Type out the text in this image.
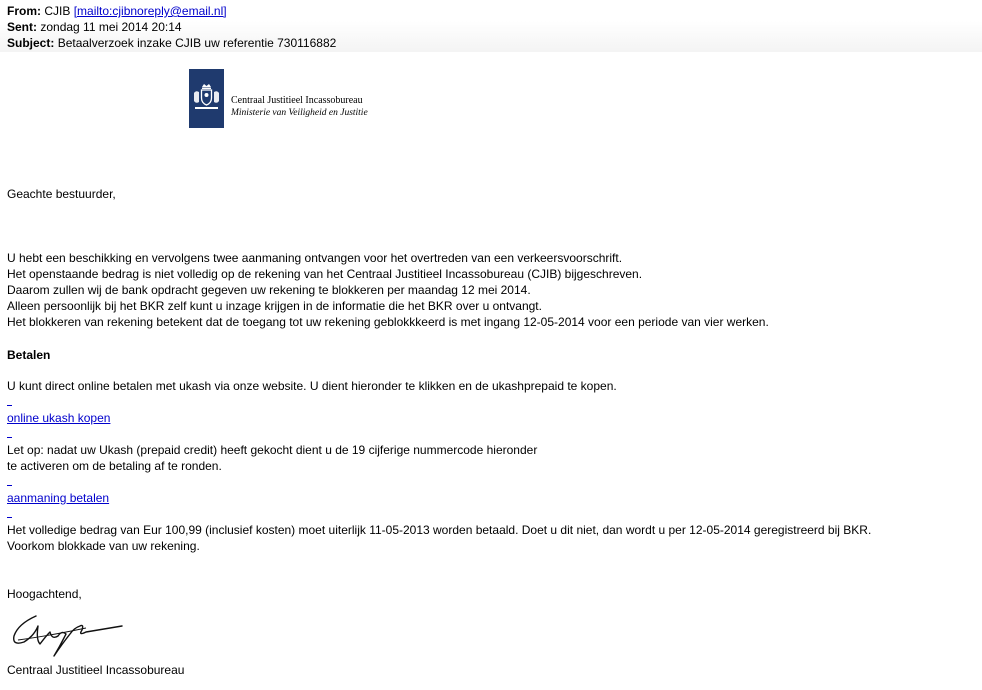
From: CJIB [mailto:cjibnoreply@email.nl]
Sent: zondag 11 mei 2014 20:14
Subject: Betaalverzoek inzake CJIB uw referentie 730116882
Centraal Justitieel Incassobureau
Ministerie van Veiligheid en Justitie
Geachte bestuurder,
U hebt een beschikking en vervolgens twee aanmaning ontvangen voor het overtreden van een verkeersvoorschrift.
Het openstaande bedrag is niet volledig op de rekening van het Centraal Justitieel Incassobureau (CJIB) bijgeschreven.
Daarom zullen wij de bank opdracht gegeven uw rekening te blokkeren per maandag 12 mei 2014.
Alleen persoonlijk bij het BKR zelf kunt u inzage krijgen in de informatie die het BKR over u ontvangt.
Het blokkeren van rekening betekent dat de toegang tot uw rekening geblokkkeerd is met ingang 12-05-2014 voor een periode van vier werken.
Betalen
U kunt direct online betalen met ukash via onze website. U dient hieronder te klikken en de ukashprepaid te kopen.
online ukash kopen
Let op: nadat uw Ukash (prepaid credit) heeft gekocht dient u de 19 cijferige nummercode hieronder
te activeren om de betaling af te ronden.
aanmaning betalen
Het volledige bedrag van Eur 100,99 (inclusief kosten) moet uiterlijk 11-05-2013 worden betaald. Doet u dit niet, dan wordt u per 12-05-2014 geregistreerd bij BKR.
Voorkom blokkade van uw rekening.
Hoogachtend,
Centraal Justitieel Incassobureau
